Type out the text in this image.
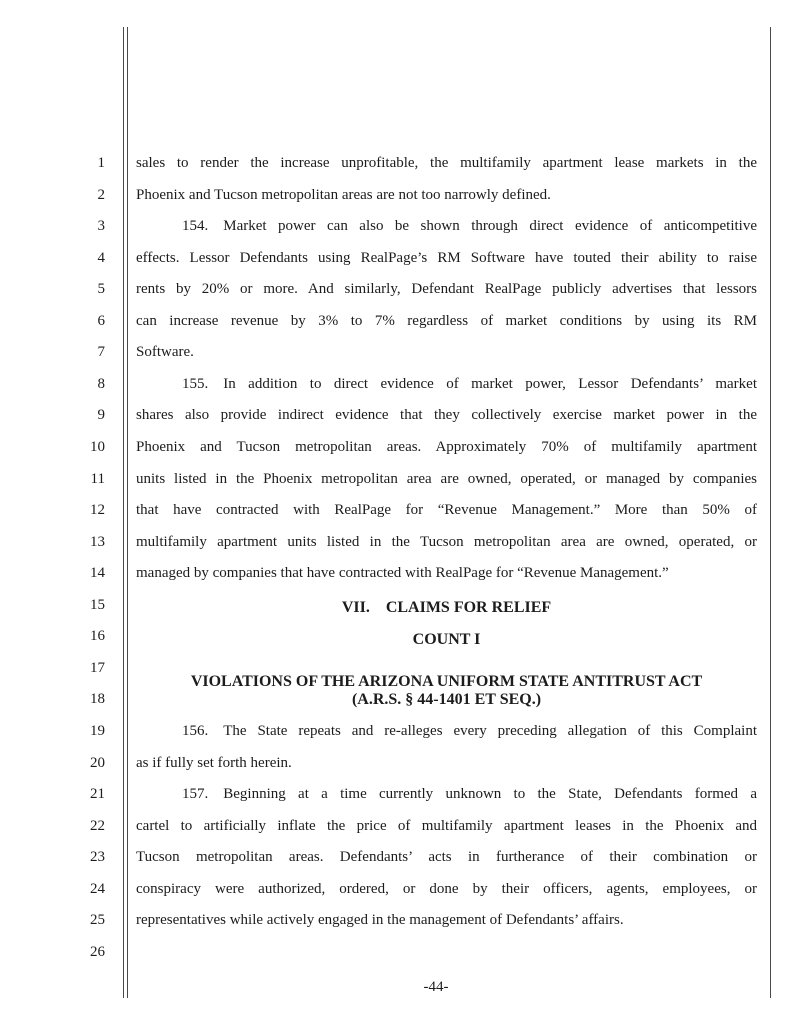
1
2
3
4
5
6
7
8
9
10
11
12
13
14
15
16
17
18
19
20
21
22
23
24
25
26
sales to render the increase unprofitable, the multifamily apartment lease markets in the
Phoenix and Tucson metropolitan areas are not too narrowly defined.
154. Market power can also be shown through direct evidence of anticompetitive
effects. Lessor Defendants using RealPage’s RM Software have touted their ability to raise
rents by 20% or more. And similarly, Defendant RealPage publicly advertises that lessors
can increase revenue by 3% to 7% regardless of market conditions by using its RM
Software.
155. In addition to direct evidence of market power, Lessor Defendants’ market
shares also provide indirect evidence that they collectively exercise market power in the
Phoenix and Tucson metropolitan areas. Approximately 70% of multifamily apartment
units listed in the Phoenix metropolitan area are owned, operated, or managed by companies
that have contracted with RealPage for “Revenue Management.” More than 50% of
multifamily apartment units listed in the Tucson metropolitan area are owned, operated, or
managed by companies that have contracted with RealPage for “Revenue Management.”
VII. CLAIMS FOR RELIEF
COUNT I
VIOLATIONS OF THE ARIZONA UNIFORM STATE ANTITRUST ACT
(A.R.S. § 44-1401 ET SEQ.)
156. The State repeats and re-alleges every preceding allegation of this Complaint
as if fully set forth herein.
157. Beginning at a time currently unknown to the State, Defendants formed a
cartel to artificially inflate the price of multifamily apartment leases in the Phoenix and
Tucson metropolitan areas. Defendants’ acts in furtherance of their combination or
conspiracy were authorized, ordered, or done by their officers, agents, employees, or
representatives while actively engaged in the management of Defendants’ affairs.
-44-
